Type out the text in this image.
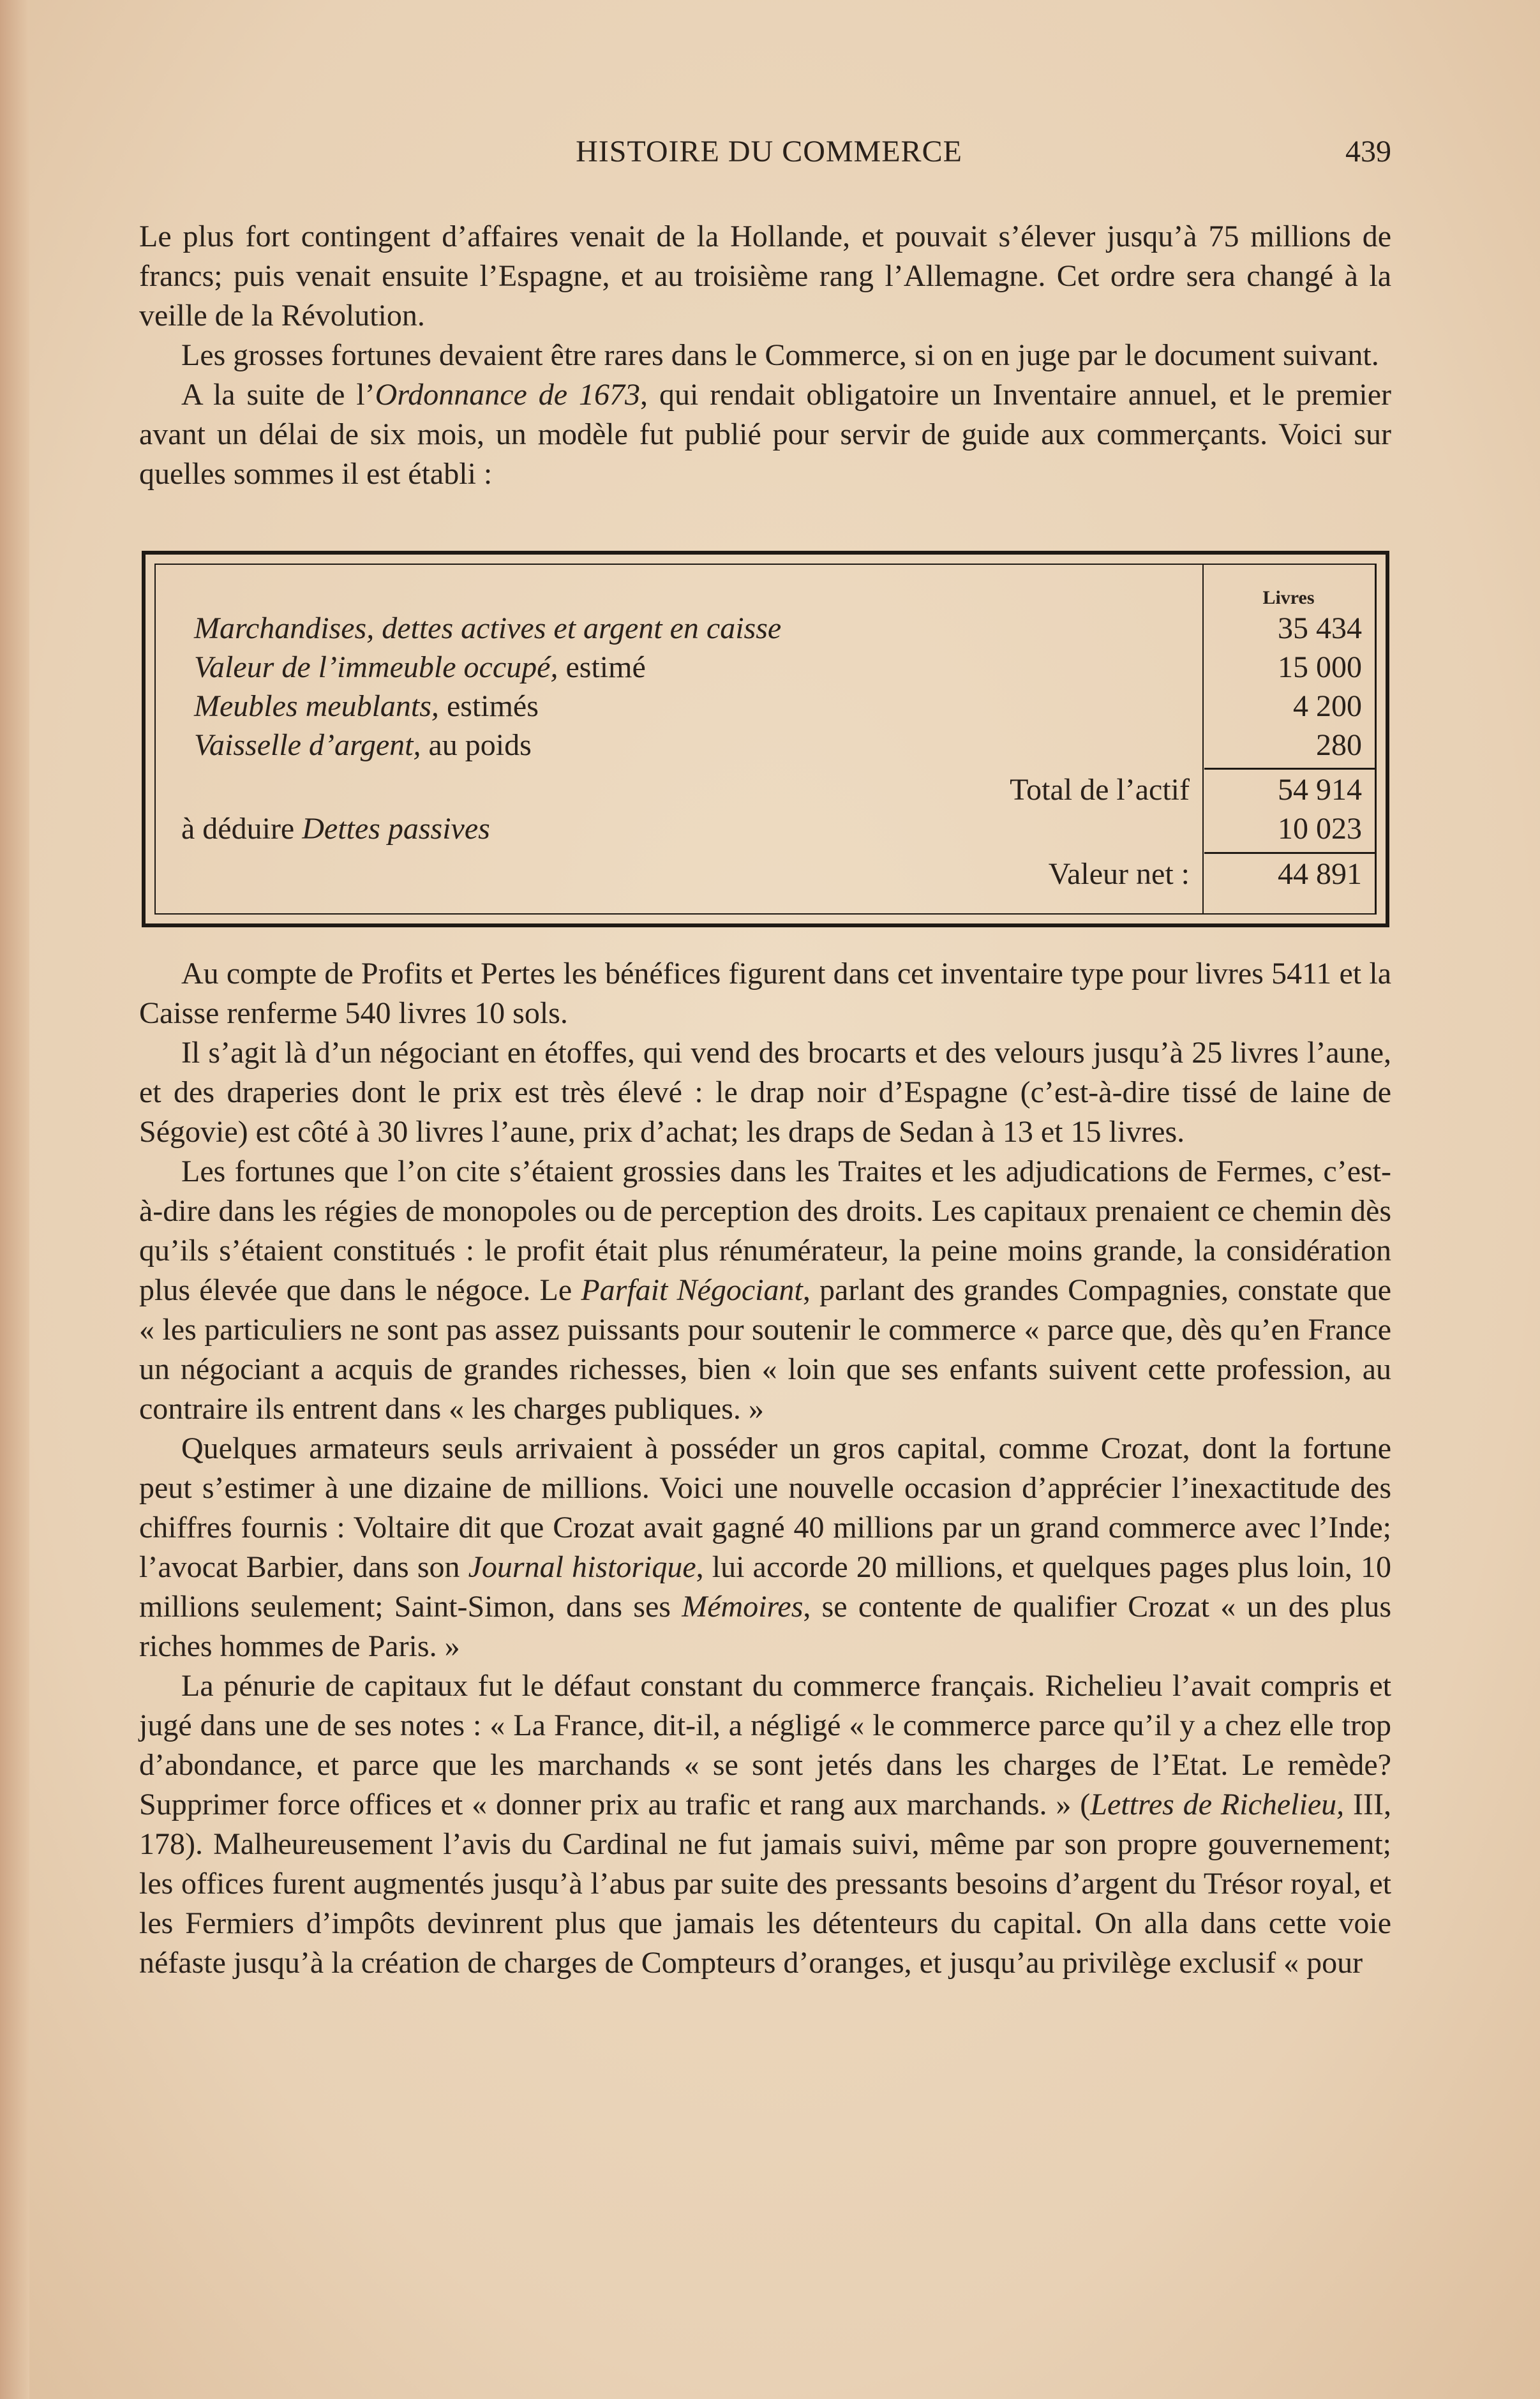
HISTOIRE DU COMMERCE	439

Le plus fort contingent d’affaires venait de la Hollande, et pouvait s’élever jusqu’à 75 millions de francs; puis venait ensuite l’Espagne, et au troisième rang l’Allemagne. Cet ordre sera changé à la veille de la Révolution.

Les grosses fortunes devaient être rares dans le Commerce, si on en juge par le document suivant.

A la suite de l’Ordonnance de 1673, qui rendait obligatoire un Inventaire annuel, et le premier avant un délai de six mois, un modèle fut publié pour servir de guide aux commerçants. Voici sur quelles sommes il est établi :

Livres
Marchandises, dettes actives et argent en caisse	35 434
Valeur de l’immeuble occupé, estimé	15 000
Meubles meublants, estimés	4 200
Vaisselle d’argent, au poids	280
Total de l’actif	54 914
à déduire Dettes passives	10 023
Valeur net :	44 891

Au compte de Profits et Pertes les bénéfices figurent dans cet inventaire type pour livres 5411 et la Caisse renferme 540 livres 10 sols.

Il s’agit là d’un négociant en étoffes, qui vend des brocarts et des velours jusqu’à 25 livres l’aune, et des draperies dont le prix est très élevé : le drap noir d’Espagne (c’est-à-dire tissé de laine de Ségovie) est côté à 30 livres l’aune, prix d’achat; les draps de Sedan à 13 et 15 livres.

Les fortunes que l’on cite s’étaient grossies dans les Traites et les adjudications de Fermes, c’est-à-dire dans les régies de monopoles ou de perception des droits. Les capitaux prenaient ce chemin dès qu’ils s’étaient constitués : le profit était plus rénumérateur, la peine moins grande, la considération plus élevée que dans le négoce. Le Parfait Négociant, parlant des grandes Compagnies, constate que « les particuliers ne sont pas assez puissants pour soutenir le commerce « parce que, dès qu’en France un négociant a acquis de grandes richesses, bien « loin que ses enfants suivent cette profession, au contraire ils entrent dans « les charges publiques. »

Quelques armateurs seuls arrivaient à posséder un gros capital, comme Crozat, dont la fortune peut s’estimer à une dizaine de millions. Voici une nouvelle occasion d’apprécier l’inexactitude des chiffres fournis : Voltaire dit que Crozat avait gagné 40 millions par un grand commerce avec l’Inde; l’avocat Barbier, dans son Journal historique, lui accorde 20 millions, et quelques pages plus loin, 10 millions seulement; Saint-Simon, dans ses Mémoires, se contente de qualifier Crozat « un des plus riches hommes de Paris. »

La pénurie de capitaux fut le défaut constant du commerce français. Richelieu l’avait compris et jugé dans une de ses notes : « La France, dit-il, a négligé « le commerce parce qu’il y a chez elle trop d’abondance, et parce que les marchands « se sont jetés dans les charges de l’Etat. Le remède? Supprimer force offices et « donner prix au trafic et rang aux marchands. » (Lettres de Richelieu, III, 178). Malheureusement l’avis du Cardinal ne fut jamais suivi, même par son propre gouvernement; les offices furent augmentés jusqu’à l’abus par suite des pressants besoins d’argent du Trésor royal, et les Fermiers d’impôts devinrent plus que jamais les détenteurs du capital. On alla dans cette voie néfaste jusqu’à la création de charges de Compteurs d’oranges, et jusqu’au privilège exclusif « pour
